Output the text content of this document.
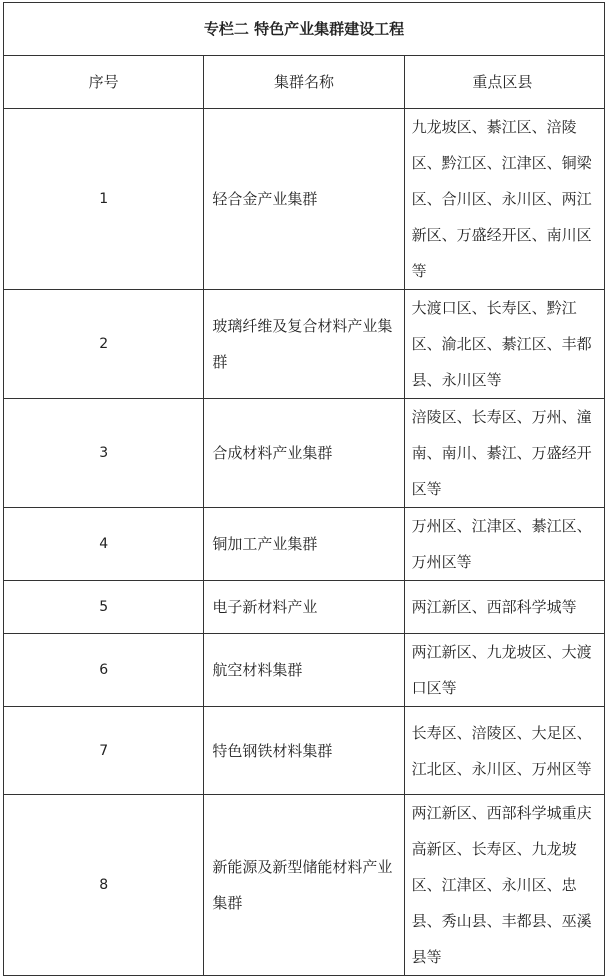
专栏二 特色产业集群建设工程		
序号	集群名称	重点区县
1	轻合金产业集群	九龙坡区、綦江区、涪陵区、黔江区、江津区、铜梁区、合川区、永川区、两江新区、万盛经开区、南川区等
2	玻璃纤维及复合材料产业集群	大渡口区、长寿区、黔江区、渝北区、綦江区、丰都县、永川区等
3	合成材料产业集群	涪陵区、长寿区、万州、潼南、南川、綦江、万盛经开区等
4	铜加工产业集群	万州区、江津区、綦江区、万州区等
5	电子新材料产业	两江新区、西部科学城等
6	航空材料集群	两江新区、九龙坡区、大渡口区等
7	特色钢铁材料集群	长寿区、涪陵区、大足区、江北区、永川区、万州区等
8	新能源及新型储能材料产业集群	两江新区、西部科学城重庆高新区、长寿区、九龙坡区、江津区、永川区、忠县、秀山县、丰都县、巫溪县等
